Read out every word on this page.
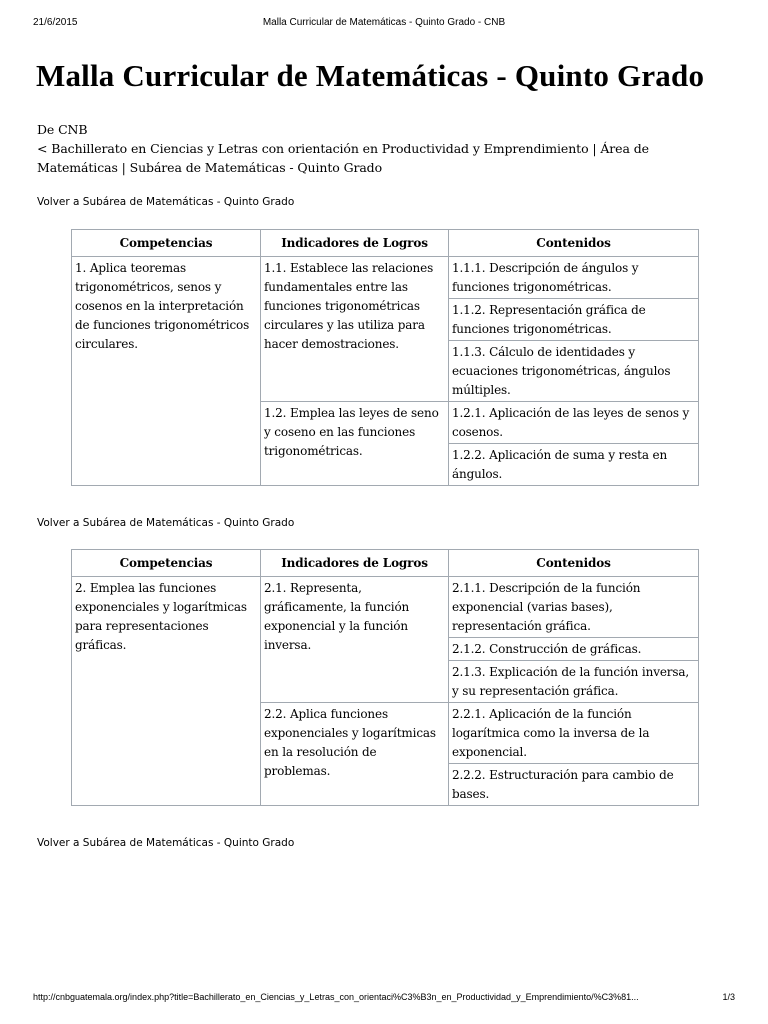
21/6/2015	Malla Curricular de Matemáticas - Quinto Grado - CNB
Malla Curricular de Matemáticas - Quinto Grado
De CNB
< Bachillerato en Ciencias y Letras con orientación en Productividad y Emprendimiento | Área de Matemáticas | Subárea de Matemáticas - Quinto Grado
Volver a Subárea de Matemáticas - Quinto Grado
Competencias	Indicadores de Logros	Contenidos
1. Aplica teoremas trigonométricos, senos y cosenos en la interpretación de funciones trigonométricos circulares.	1.1. Establece las relaciones fundamentales entre las funciones trigonométricas circulares y las utiliza para hacer demostraciones.	1.1.1. Descripción de ángulos y funciones trigonométricas.
		1.1.2. Representación gráfica de funciones trigonométricas.
		1.1.3. Cálculo de identidades y ecuaciones trigonométricas, ángulos múltiples.
	1.2. Emplea las leyes de seno y coseno en las funciones trigonométricas.	1.2.1. Aplicación de las leyes de senos y cosenos.
		1.2.2. Aplicación de suma y resta en ángulos.
Volver a Subárea de Matemáticas - Quinto Grado
Competencias	Indicadores de Logros	Contenidos
2. Emplea las funciones exponenciales y logarítmicas para representaciones gráficas.	2.1. Representa, gráficamente, la función exponencial y la función inversa.	2.1.1. Descripción de la función exponencial (varias bases), representación gráfica.
		2.1.2. Construcción de gráficas.
		2.1.3. Explicación de la función inversa, y su representación gráfica.
	2.2. Aplica funciones exponenciales y logarítmicas en la resolución de problemas.	2.2.1. Aplicación de la función logarítmica como la inversa de la exponencial.
		2.2.2. Estructuración para cambio de bases.
Volver a Subárea de Matemáticas - Quinto Grado
http://cnbguatemala.org/index.php?title=Bachillerato_en_Ciencias_y_Letras_con_orientaci%C3%B3n_en_Productividad_y_Emprendimiento/%C3%81...	1/3
